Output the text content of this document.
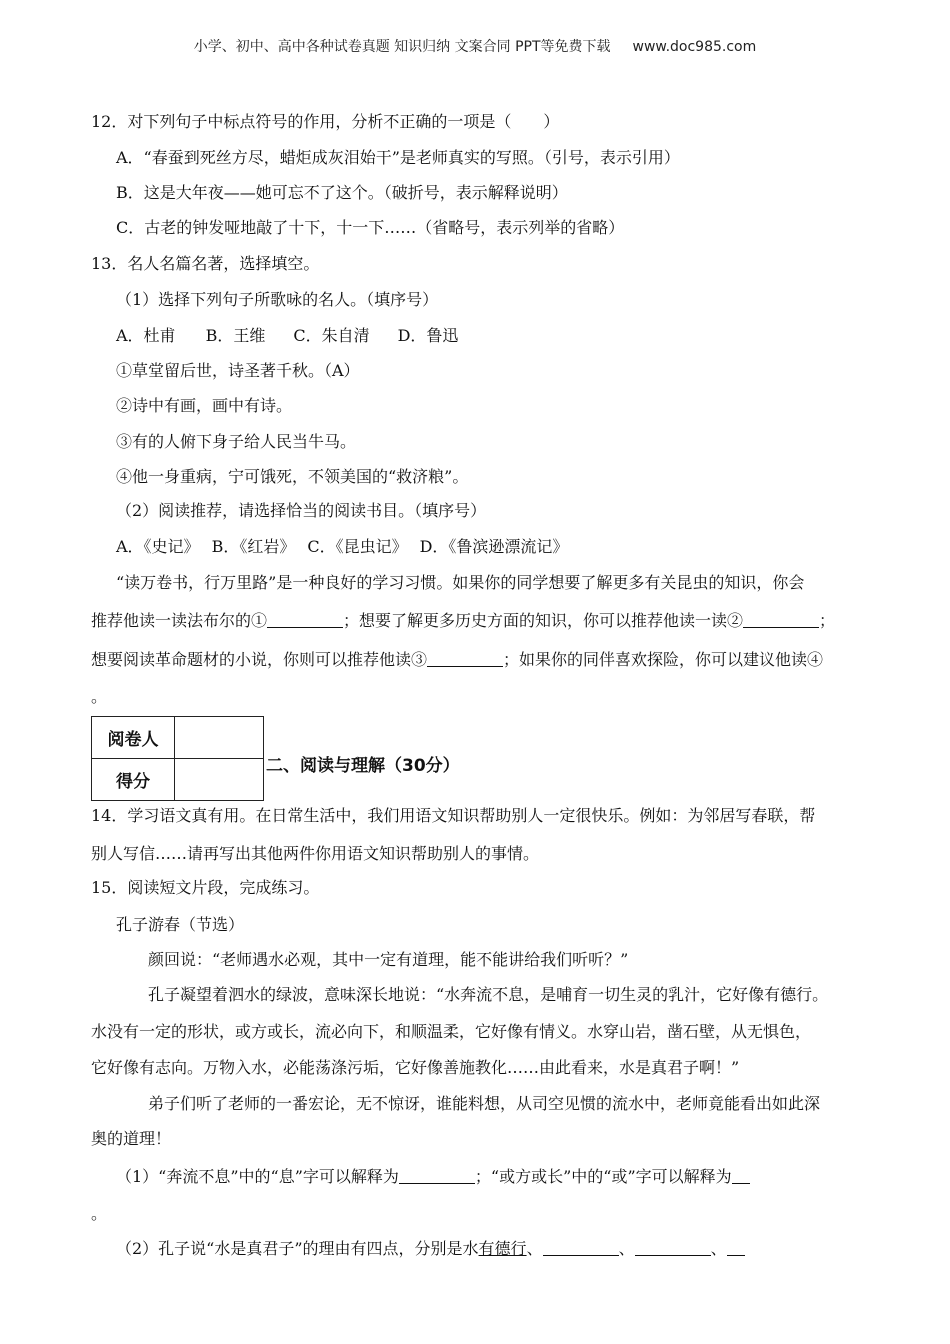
小学、初中、高中各种试卷真题 知识归纳 文案合同 PPT等免费下载 www.doc985.com
12．对下列句子中标点符号的作用，分析不正确的一项是（　　）
A．“春蚕到死丝方尽，蜡炬成灰泪始干”是老师真实的写照。（引号，表示引用）
B．这是大年夜——她可忘不了这个。（破折号，表示解释说明）
C．古老的钟发哑地敲了十下，十一下……（省略号，表示列举的省略）
13．名人名篇名著，选择填空。
（1）选择下列句子所歌咏的名人。（填序号）
A．杜甫 B．王维 C．朱自清 D．鲁迅
①草堂留后世，诗圣著千秋。（A）
②诗中有画，画中有诗。
③有的人俯下身子给人民当牛马。
④他一身重病，宁可饿死，不领美国的“救济粮”。
（2）阅读推荐，请选择恰当的阅读书目。（填序号）
A．《史记》 B．《红岩》 C．《昆虫记》 D．《鲁滨逊漂流记》
“读万卷书，行万里路”是一种良好的学习习惯。如果你的同学想要了解更多有关昆虫的知识，你会
推荐他读一读法布尔的①	；想要了解更多历史方面的知识，你可以推荐他读一读②	；
想要阅读革命题材的小说，你则可以推荐他读③	；如果你的同伴喜欢探险，你可以建议他读④
。
阅卷人	
得分	
二、阅读与理解（30分）
14．学习语文真有用。在日常生活中，我们用语文知识帮助别人一定很快乐。例如：为邻居写春联，帮
别人写信……请再写出其他两件你用语文知识帮助别人的事情。
15．阅读短文片段，完成练习。
孔子游春（节选）
颜回说：“老师遇水必观，其中一定有道理，能不能讲给我们听听？”
孔子凝望着泗水的绿波，意味深长地说：“水奔流不息，是哺育一切生灵的乳汁，它好像有德行。
水没有一定的形状，或方或长，流必向下，和顺温柔，它好像有情义。水穿山岩，凿石壁，从无惧色，
它好像有志向。万物入水，必能荡涤污垢，它好像善施教化……由此看来，水是真君子啊！”
弟子们听了老师的一番宏论，无不惊讶，谁能料想，从司空见惯的流水中，老师竟能看出如此深
奥的道理！
（1）“奔流不息”中的“息”字可以解释为	；“或方或长”中的“或”字可以解释为
。
（2）孔子说“水是真君子”的理由有四点，分别是水有德行、	、	、
